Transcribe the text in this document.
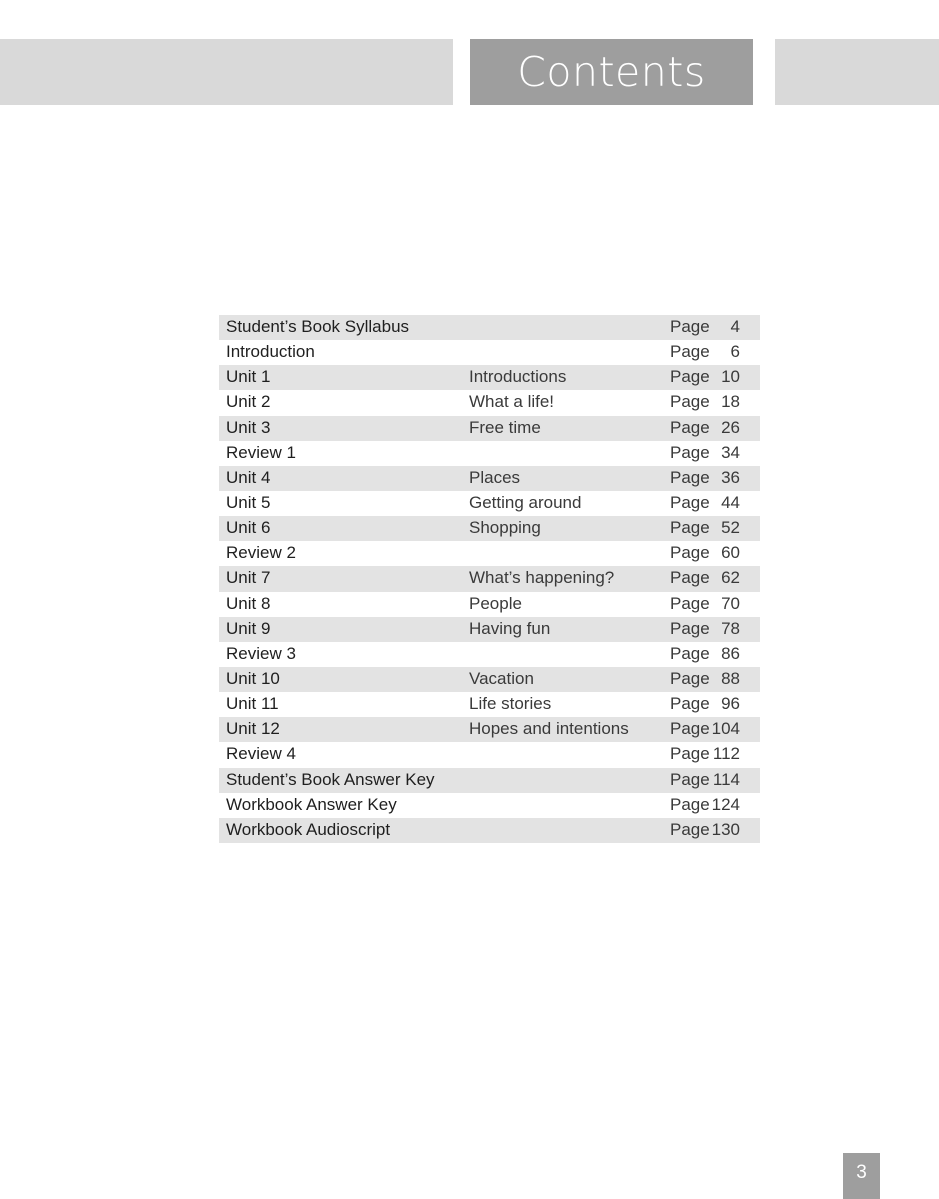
Contents
Student’s Book Syllabus	Page 4
Introduction	Page 6
Unit 1	Introductions	Page 10
Unit 2	What a life!	Page 18
Unit 3	Free time	Page 26
Review 1	Page 34
Unit 4	Places	Page 36
Unit 5	Getting around	Page 44
Unit 6	Shopping	Page 52
Review 2	Page 60
Unit 7	What’s happening?	Page 62
Unit 8	People	Page 70
Unit 9	Having fun	Page 78
Review 3	Page 86
Unit 10	Vacation	Page 88
Unit 11	Life stories	Page 96
Unit 12	Hopes and intentions Page 104
Review 4	Page 112
Student’s Book Answer Key	Page 114
Workbook Answer Key	Page 124
Workbook Audioscript	Page 130
3
